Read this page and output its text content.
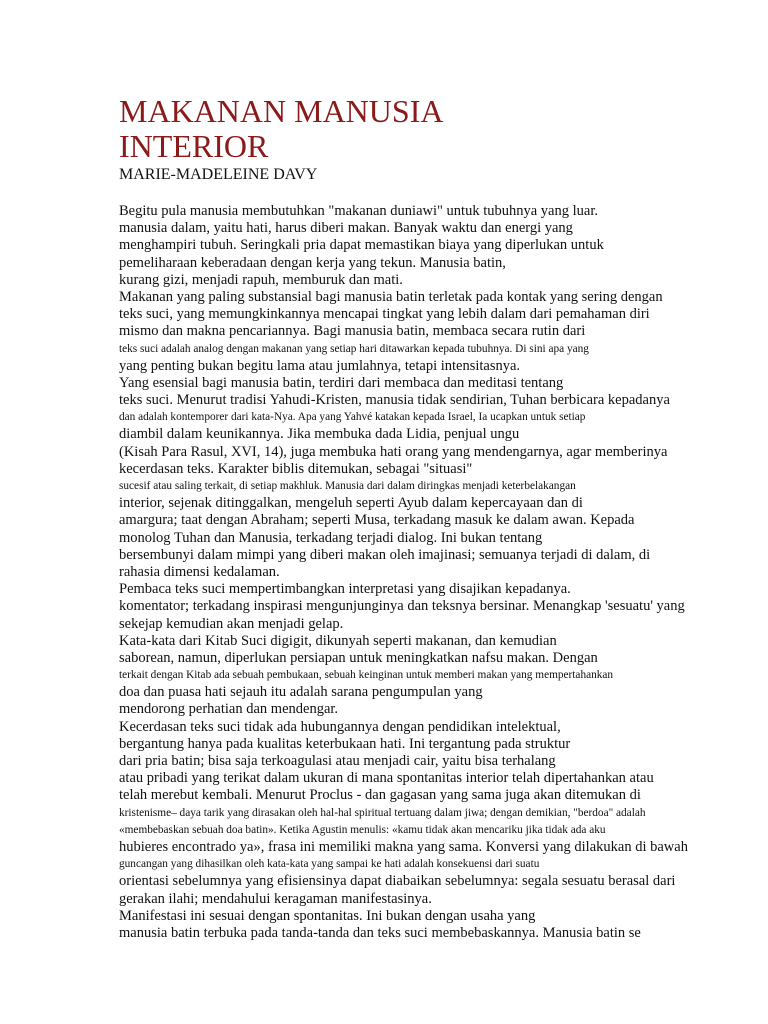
MAKANAN MANUSIA
INTERIOR

MARIE-MADELEINE DAVY

Begitu pula manusia membutuhkan "makanan duniawi" untuk tubuhnya yang luar.
manusia dalam, yaitu hati, harus diberi makan. Banyak waktu dan energi yang
menghampiri tubuh. Seringkali pria dapat memastikan biaya yang diperlukan untuk
pemeliharaan keberadaan dengan kerja yang tekun. Manusia batin,
kurang gizi, menjadi rapuh, memburuk dan mati.
Makanan yang paling substansial bagi manusia batin terletak pada kontak yang sering dengan
teks suci, yang memungkinkannya mencapai tingkat yang lebih dalam dari pemahaman diri
mismo dan makna pencariannya. Bagi manusia batin, membaca secara rutin dari
teks suci adalah analog dengan makanan yang setiap hari ditawarkan kepada tubuhnya. Di sini apa yang
yang penting bukan begitu lama atau jumlahnya, tetapi intensitasnya.
Yang esensial bagi manusia batin, terdiri dari membaca dan meditasi tentang
teks suci. Menurut tradisi Yahudi-Kristen, manusia tidak sendirian, Tuhan berbicara kepadanya
dan adalah kontemporer dari kata-Nya. Apa yang Yahvé katakan kepada Israel, Ia ucapkan untuk setiap
diambil dalam keunikannya. Jika membuka dada Lidia, penjual ungu
(Kisah Para Rasul, XVI, 14), juga membuka hati orang yang mendengarnya, agar memberinya
kecerdasan teks. Karakter biblis ditemukan, sebagai "situasi"
sucesif atau saling terkait, di setiap makhluk. Manusia dari dalam diringkas menjadi keterbelakangan
interior, sejenak ditinggalkan, mengeluh seperti Ayub dalam kepercayaan dan di
amargura; taat dengan Abraham; seperti Musa, terkadang masuk ke dalam awan. Kepada
monolog Tuhan dan Manusia, terkadang terjadi dialog. Ini bukan tentang
bersembunyi dalam mimpi yang diberi makan oleh imajinasi; semuanya terjadi di dalam, di
rahasia dimensi kedalaman.
Pembaca teks suci mempertimbangkan interpretasi yang disajikan kepadanya.
komentator; terkadang inspirasi mengunjunginya dan teksnya bersinar. Menangkap 'sesuatu' yang
sekejap kemudian akan menjadi gelap.
Kata-kata dari Kitab Suci digigit, dikunyah seperti makanan, dan kemudian
saborean, namun, diperlukan persiapan untuk meningkatkan nafsu makan. Dengan
terkait dengan Kitab ada sebuah pembukaan, sebuah keinginan untuk memberi makan yang mempertahankan
doa dan puasa hati sejauh itu adalah sarana pengumpulan yang
mendorong perhatian dan mendengar.
Kecerdasan teks suci tidak ada hubungannya dengan pendidikan intelektual,
bergantung hanya pada kualitas keterbukaan hati. Ini tergantung pada struktur
dari pria batin; bisa saja terkoagulasi atau menjadi cair, yaitu bisa terhalang
atau pribadi yang terikat dalam ukuran di mana spontanitas interior telah dipertahankan atau
telah merebut kembali. Menurut Proclus - dan gagasan yang sama juga akan ditemukan di
kristenisme– daya tarik yang dirasakan oleh hal-hal spiritual tertuang dalam jiwa; dengan demikian, "berdoa" adalah
«membebaskan sebuah doa batin». Ketika Agustin menulis: «kamu tidak akan mencariku jika tidak ada aku
hubieres encontrado ya», frasa ini memiliki makna yang sama. Konversi yang dilakukan di bawah
guncangan yang dihasilkan oleh kata-kata yang sampai ke hati adalah konsekuensi dari suatu
orientasi sebelumnya yang efisiensinya dapat diabaikan sebelumnya: segala sesuatu berasal dari
gerakan ilahi; mendahului keragaman manifestasinya.
Manifestasi ini sesuai dengan spontanitas. Ini bukan dengan usaha yang
manusia batin terbuka pada tanda-tanda dan teks suci membebaskannya. Manusia batin se
